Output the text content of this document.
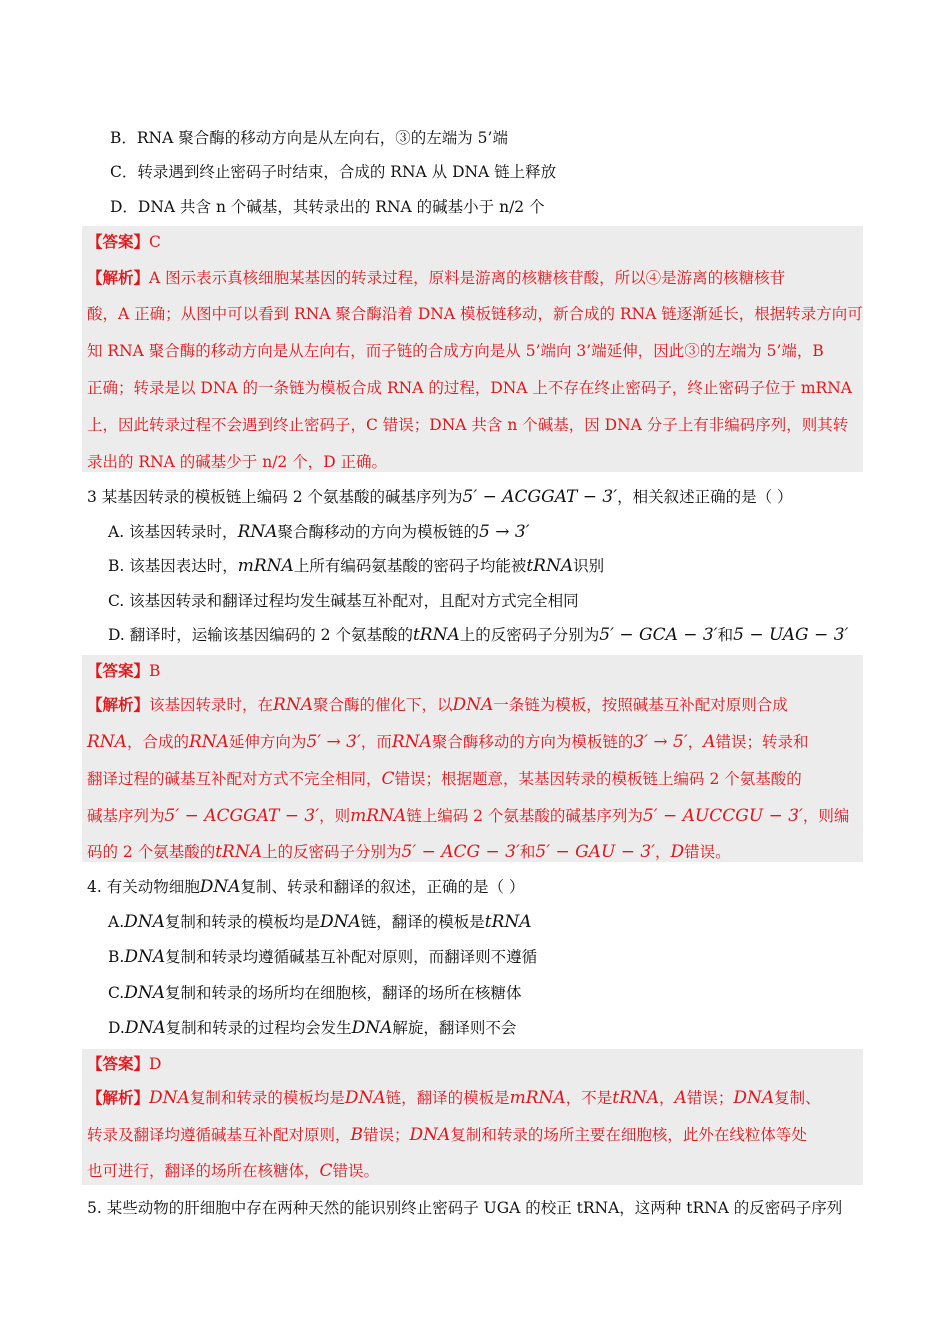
B．RNA 聚合酶的移动方向是从左向右，③的左端为 5’端
C．转录遇到终止密码子时结束，合成的 RNA 从 DNA 链上释放
D．DNA 共含 n 个碱基，其转录出的 RNA 的碱基小于 n/2 个
【答案】C
【解析】A 图示表示真核细胞某基因的转录过程，原料是游离的核糖核苷酸，所以④是游离的核糖核苷
酸，A 正确；从图中可以看到 RNA 聚合酶沿着 DNA 模板链移动，新合成的 RNA 链逐渐延长，根据转录方向可
知 RNA 聚合酶的移动方向是从左向右，而子链的合成方向是从 5’端向 3’端延伸，因此③的左端为 5’端，B
正确；转录是以 DNA 的一条链为模板合成 RNA 的过程，DNA 上不存在终止密码子，终止密码子位于 mRNA
上，因此转录过程不会遇到终止密码子，C 错误；DNA 共含 n 个碱基，因 DNA 分子上有非编码序列，则其转
录出的 RNA 的碱基少于 n/2 个，D 正确。
3 某基因转录的模板链上编码 2 个氨基酸的碱基序列为5′ − ACGGAT − 3′，相关叙述正确的是（ ）
A. 该基因转录时，RNA聚合酶移动的方向为模板链的5 → 3′
B. 该基因表达时，mRNA上所有编码氨基酸的密码子均能被tRNA识别
C. 该基因转录和翻译过程均发生碱基互补配对，且配对方式完全相同
D. 翻译时，运输该基因编码的 2 个氨基酸的tRNA上的反密码子分别为5′ − GCA − 3′和5 − UAG − 3′
【答案】B
【解析】该基因转录时，在RNA聚合酶的催化下，以DNA一条链为模板，按照碱基互补配对原则合成
RNA，合成的RNA延伸方向为5′ → 3′，而RNA聚合酶移动的方向为模板链的3′ → 5′，A错误；转录和
翻译过程的碱基互补配对方式不完全相同，C错误；根据题意，某基因转录的模板链上编码 2 个氨基酸的
碱基序列为5′ − ACGGAT − 3′，则mRNA链上编码 2 个氨基酸的碱基序列为5′ − AUCCGU − 3′，则编
码的 2 个氨基酸的tRNA上的反密码子分别为5′ − ACG − 3′和5′ − GAU − 3′，D错误。
4. 有关动物细胞DNA复制、转录和翻译的叙述，正确的是（ ）
A.DNA复制和转录的模板均是DNA链，翻译的模板是tRNA
B.DNA复制和转录均遵循碱基互补配对原则，而翻译则不遵循
C.DNA复制和转录的场所均在细胞核，翻译的场所在核糖体
D.DNA复制和转录的过程均会发生DNA解旋，翻译则不会
【答案】D
【解析】DNA复制和转录的模板均是DNA链，翻译的模板是mRNA，不是tRNA，A错误；DNA复制、
转录及翻译均遵循碱基互补配对原则，B错误；DNA复制和转录的场所主要在细胞核，此外在线粒体等处
也可进行，翻译的场所在核糖体，C错误。
5. 某些动物的肝细胞中存在两种天然的能识别终止密码子 UGA 的校正 tRNA，这两种 tRNA 的反密码子序列
